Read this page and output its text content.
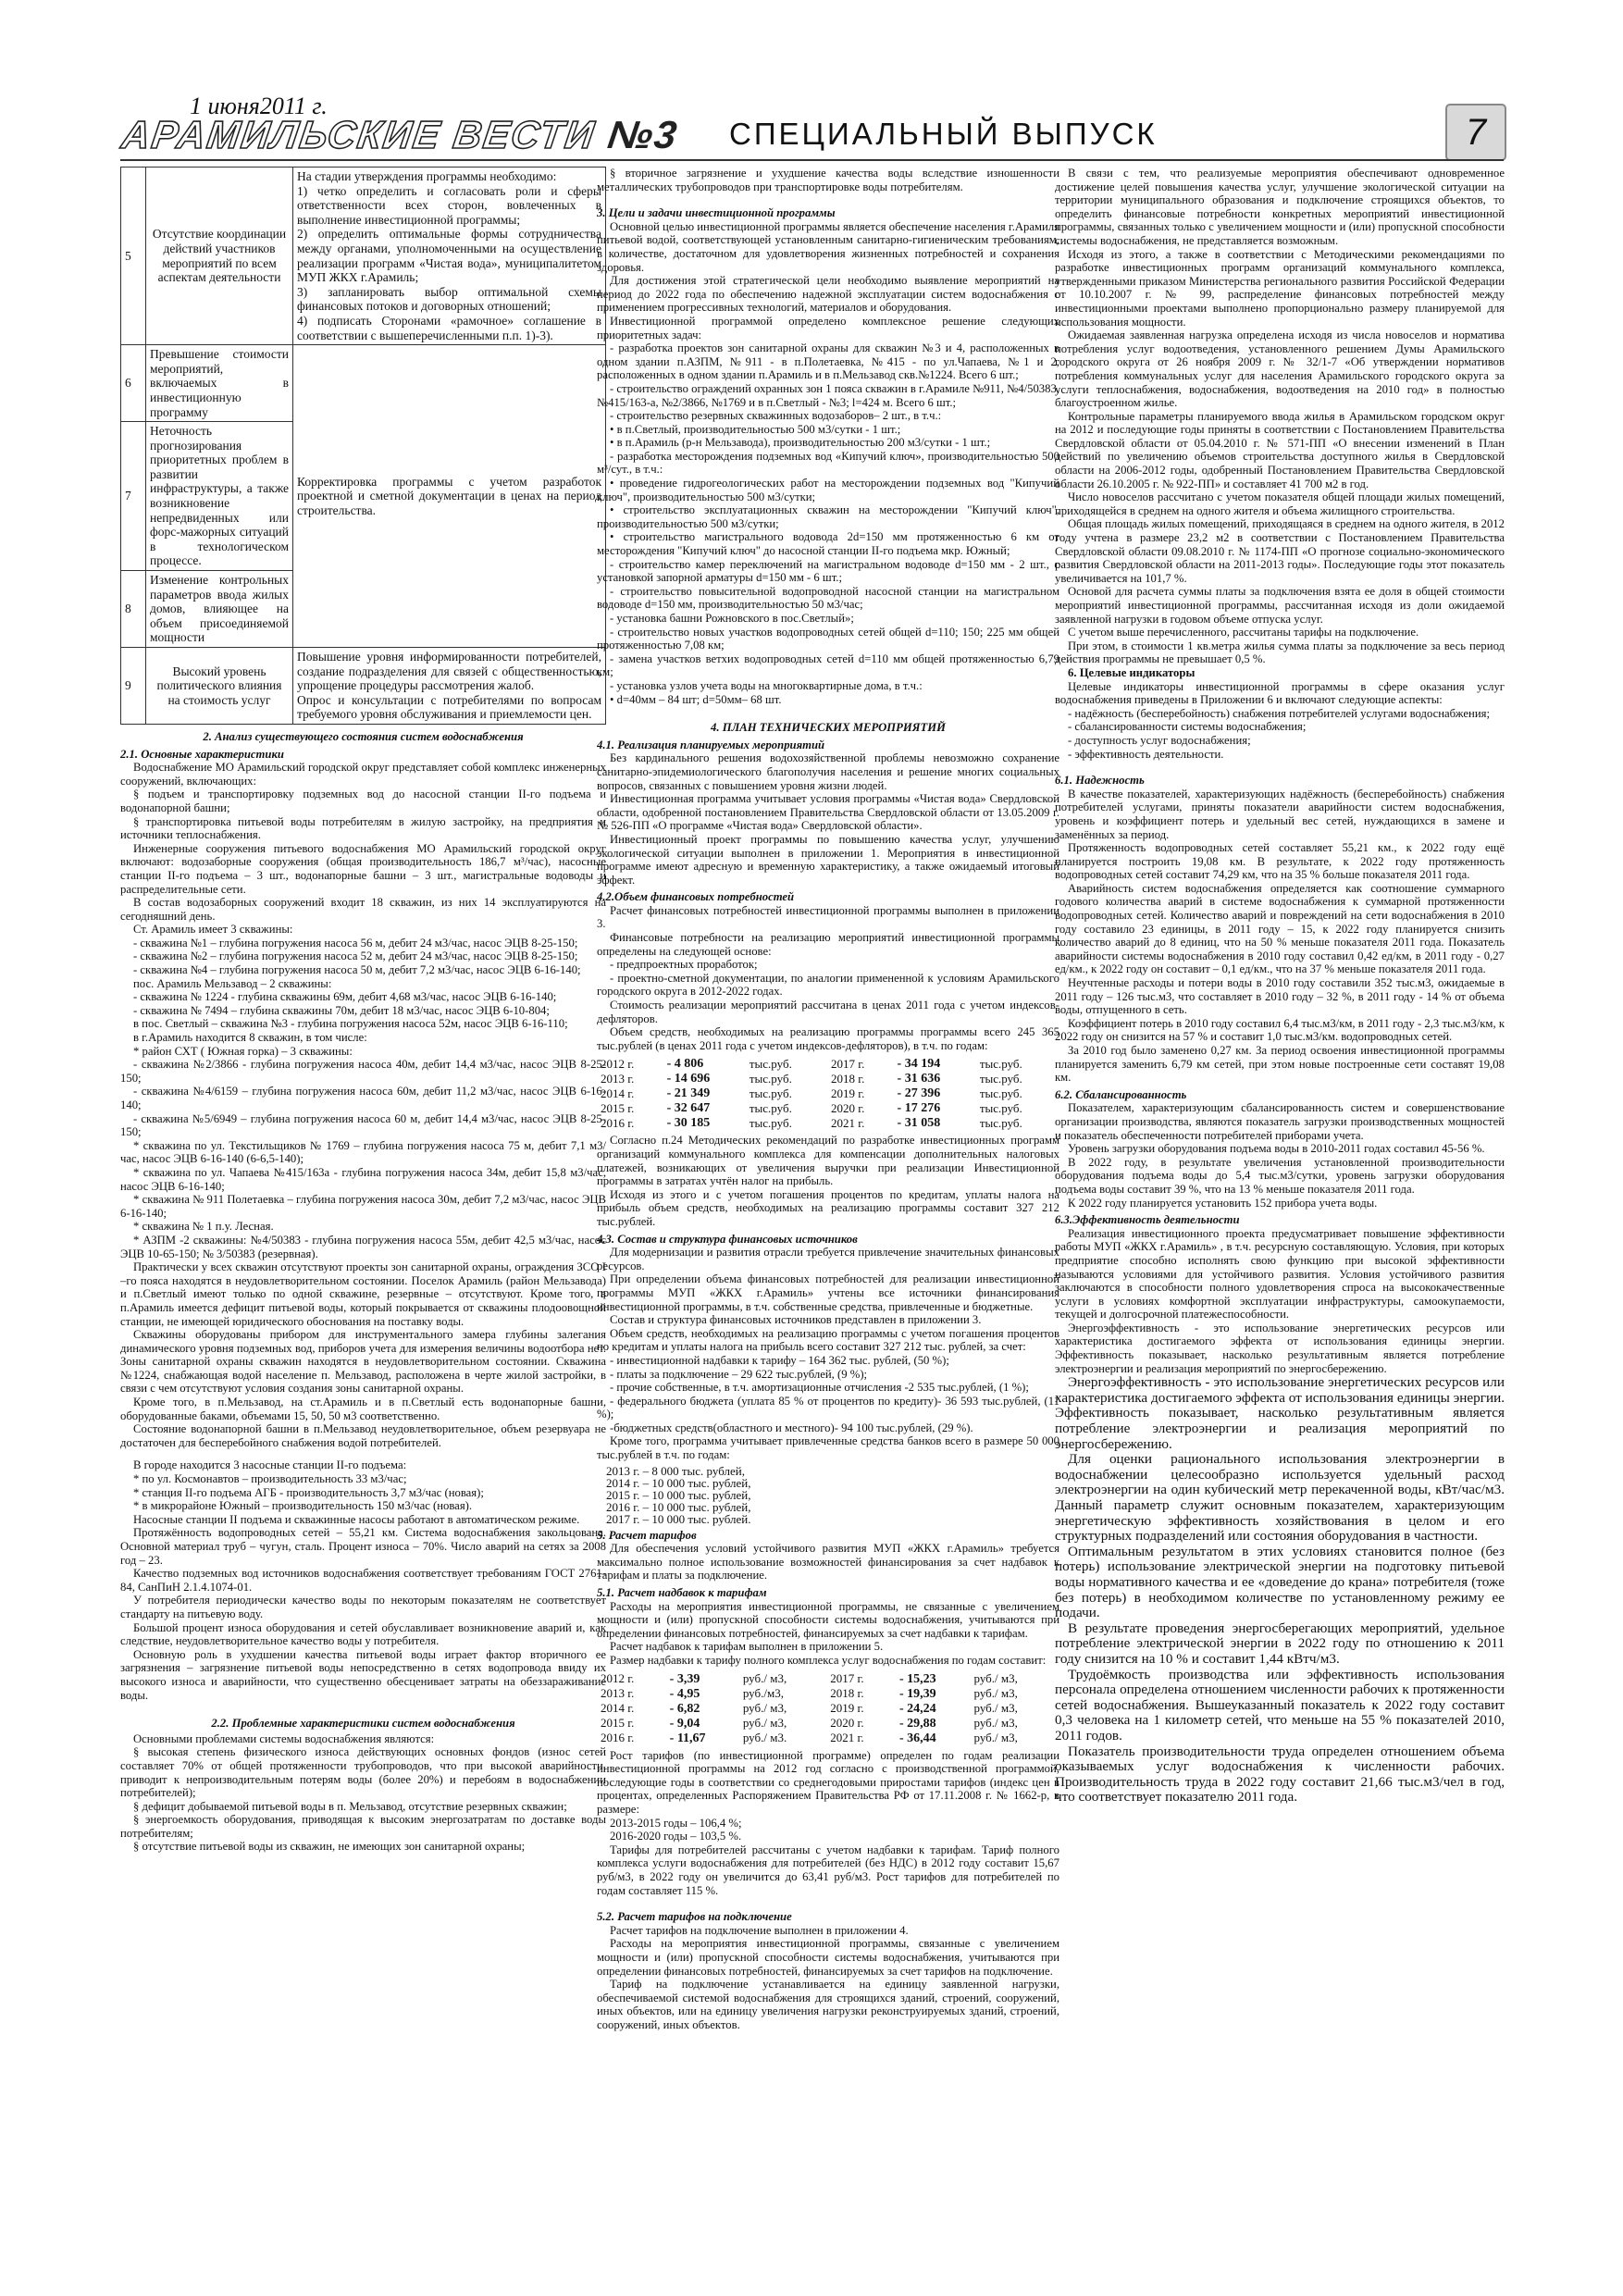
1 июня2011 г.
АРАМИЛЬСКИЕ ВЕСТИ №3 СПЕЦИАЛЬНЫЙ ВЫПУСК	7
5	Отсутствие координации действий участников мероприятий по всем аспектам деятельности	На стадии утверждения программы необходимо:
1) четко определить и согласовать роли и сферы ответственности всех сторон, вовлеченных в выполнение инвестиционной программы;
2) определить оптимальные формы сотрудничества между органами, уполномоченными на осуществление реализации программ «Чистая вода», муниципалитетом МУП ЖКХ г.Арамиль;
3) запланировать выбор оптимальной схемы финансовых потоков и договорных отношений;
4) подписать Сторонами «рамочное» соглашение в соответствии с вышеперечисленными п.п. 1)-3).
6	Превышение стоимости мероприятий, включаемых в инвестиционную программу	Корректировка программы с учетом разработок проектной и сметной документации в ценах на период строительства.
7	Неточность прогнозирования приоритетных проблем в развитии инфраструктуры, а также возникновение непредвиденных или форс-мажорных ситуаций в технологическом процессе.	
8	Изменение контрольных параметров ввода жилых домов, влияющее на объем присоединяемой мощности	
9	Высокий уровень политического влияния на стоимость услуг	Повышение уровня информированности потребителей, создание подразделения для связей с общественностью, упрощение процедуры рассмотрения жалоб.
Опрос и консультации с потребителями по вопросам требуемого уровня обслуживания и приемлемости цен.

2. Анализ существующего состояния систем водоснабжения

2.1. Основные характеристики

Водоснабжение МО Арамильский городской округ представляет собой комплекс инженерных сооружений, включающих:

§ подъем и транспортировку подземных вод до насосной станции II-го подъема и водонапорной башни;

§ транспортировка питьевой воды потребителям в жилую застройку, на предприятия и источники теплоснабжения.

Инженерные сооружения питьевого водоснабжения МО Арамильский городской округ включают: водозаборные сооружения (общая производительность 186,7 м³/час), насосные станции II-го подъема – 3 шт., водонапорные башни – 3 шт., магистральные водоводы и распределительные сети.

В состав водозаборных сооружений входит 18 скважин, из них 14 эксплуатируются на сегодняшний день.

Ст. Арамиль имеет 3 скважины:

- скважина №1 – глубина погружения насоса 56 м, дебит 24 м3/час, насос ЭЦВ 8-25-150;

- скважина №2 – глубина погружения насоса 52 м, дебит 24 м3/час, насос ЭЦВ 8-25-150;

- скважина №4 – глубина погружения насоса 50 м, дебит 7,2 м3/час, насос ЭЦВ 6-16-140;

пос. Арамиль Мельзавод – 2 скважины:

- скважина № 1224 - глубина скважины 69м, дебит 4,68 м3/час, насос ЭЦВ 6-16-140;

- скважина № 7494 – глубина скважины 70м, дебит 18 м3/час, насос ЭЦВ 6-10-804;

в пос. Светлый – скважина №3 - глубина погружения насоса 52м, насос ЭЦВ 6-16-110;

в г.Арамиль находится 8 скважин, в том числе:

* район СХТ ( Южная горка) – 3 скважины:

- скважина №2/3866 - глубина погружения насоса 40м, дебит 14,4 м3/час, насос ЭЦВ 8-25-150;

- скважина №4/6159 – глубина погружения насоса 60м, дебит 11,2 м3/час, насос ЭЦВ 6-16-140;

- скважина №5/6949 – глубина погружения насоса 60 м, дебит 14,4 м3/час, насос ЭЦВ 8-25-150;

* скважина по ул. Текстильщиков № 1769 – глубина погружения насоса 75 м, дебит 7,1 м3/час, насос ЭЦВ 6-16-140 (6-6,5-140);

* скважина по ул. Чапаева №415/163а - глубина погружения насоса 34м, дебит 15,8 м3/час, насос ЭЦВ 6-16-140;

* скважина № 911 Полетаевка – глубина погружения насоса 30м, дебит 7,2 м3/час, насос ЭЦВ 6-16-140;

* скважина № 1 п.у. Лесная.

* АЗПМ -2 скважины: №4/50383 - глубина погружения насоса 55м, дебит 42,5 м3/час, насос ЭЦВ 10-65-150; № 3/50383 (резервная).

Практически у всех скважин отсутствуют проекты зон санитарной охраны, ограждения ЗСО I –го пояса находятся в неудовлетворительном состоянии. Поселок Арамиль (район Мельзавода) и п.Светлый имеют только по одной скважине, резервные – отсутствуют. Кроме того, в п.Арамиль имеется дефицит питьевой воды, который покрывается от скважины плодоовощной станции, не имеющей юридического обоснования на поставку воды.

Скважины оборудованы прибором для инструментального замера глубины залегания динамического уровня подземных вод, приборов учета для измерения величины водоотбора нет. Зоны санитарной охраны скважин находятся в неудовлетворительном состоянии. Скважина №1224, снабжающая водой население п. Мельзавод, расположена в черте жилой застройки, в связи с чем отсутствуют условия создания зоны санитарной охраны.

Кроме того, в п.Мельзавод, на ст.Арамиль и в п.Светлый есть водонапорные башни, оборудованные баками, объемами 15, 50, 50 м3 соответственно.

Состояние водонапорной башни в п.Мельзавод неудовлетворительное, объем резервуара не достаточен для бесперебойного снабжения водой потребителей.

В городе находится 3 насосные станции II-го подъема:

* по ул. Космонавтов – производительность 33 м3/час;

* станция II-го подъема АГБ - производительность 3,7 м3/час (новая);

* в микрорайоне Южный – производительность 150 м3/час (новая).

Насосные станции II подъема и скважинные насосы работают в автоматическом режиме.

Протяжённость водопроводных сетей – 55,21 км. Система водоснабжения закольцована. Основной материал труб – чугун, сталь. Процент износа – 70%. Число аварий на сетях за 2008 год – 23.

Качество подземных вод источников водоснабжения соответствует требованиям ГОСТ 2761-84, СанПиН 2.1.4.1074-01.

У потребителя периодически качество воды по некоторым показателям не соответствует стандарту на питьевую воду.

Большой процент износа оборудования и сетей обуславливает возникновение аварий и, как следствие, неудовлетворительное качество воды у потребителя.

Основную роль в ухудшении качества питьевой воды играет фактор вторичного ее загрязнения – загрязнение питьевой воды непосредственно в сетях водопровода ввиду их высокого износа и аварийности, что существенно обесценивает затраты на обеззараживание воды.

2.2. Проблемные характеристики систем водоснабжения

Основными проблемами системы водоснабжения являются:

§ высокая степень физического износа действующих основных фондов (износ сетей составляет 70% от общей протяженности трубопроводов, что при высокой аварийности, приводит к непроизводительным потерям воды (более 20%) и перебоям в водоснабжении потребителей);

§ дефицит добываемой питьевой воды в п. Мельзавод, отсутствие резервных скважин;

§ энергоемкость оборудования, приводящая к высоким энергозатратам по доставке воды потребителям;

§ отсутствие питьевой воды из скважин, не имеющих зон санитарной охраны;

§ вторичное загрязнение и ухудшение качества воды вследствие изношенности металлических трубопроводов при транспортировке воды потребителям.

3. Цели и задачи инвестиционной программы

Основной целью инвестиционной программы является обеспечение населения г.Арамиля питьевой водой, соответствующей установленным санитарно-гигиеническим требованиям, в количестве, достаточном для удовлетворения жизненных потребностей и сохранения здоровья.

Для достижения этой стратегической цели необходимо выявление мероприятий на период до 2022 года по обеспечению надежной эксплуатации систем водоснабжения с применением прогрессивных технологий, материалов и оборудования.

Инвестиционной программой определено комплексное решение следующих приоритетных задач:

- разработка проектов зон санитарной охраны для скважин №3 и 4, расположенных в одном здании п.АЗПМ, №911 - в п.Полетаевка, №415 - по ул.Чапаева, №1 и 2, расположенных в одном здании п.Арамиль и в п.Мельзавод скв.№1224. Всего 6 шт.;

- строительство ограждений охранных зон 1 пояса скважин в г.Арамиле №911, №4/50383, №415/163-а, №2/3866, №1769 и в п.Светлый - №3; l=424 м. Всего 6 шт.;

- строительство резервных скважинных водозаборов– 2 шт., в т.ч.:

• в п.Светлый, производительностью 500 м3/сутки - 1 шт.;

• в п.Арамиль (р-н Мельзавода), производительностью 200 м3/сутки - 1 шт.;

- разработка месторождения подземных вод «Кипучий ключ», производительностью 500 м³/сут., в т.ч.:

• проведение гидрогеологических работ на месторождении подземных вод "Кипучий ключ", производительностью 500 м3/сутки;

• строительство эксплуатационных скважин на месторождении "Кипучий ключ", производительностью 500 м3/сутки;

• строительство магистрального водовода 2d=150 мм протяженностью 6 км от месторождения "Кипучий ключ" до насосной станции II-го подъема мкр. Южный;

- строительство камер переключений на магистральном водоводе d=150 мм - 2 шт., с установкой запорной арматуры d=150 мм - 6 шт.;

- строительство повысительной водопроводной насосной станции на магистральном водоводе d=150 мм, производительностью 50 м3/час;

- установка башни Рожновского в пос.Светлый»;

- строительство новых участков водопроводных сетей общей d=110; 150; 225 мм общей протяженностью 7,08 км;

- замена участков ветхих водопроводных сетей d=110 мм общей протяженностью 6,79 км;

- установка узлов учета воды на многоквартирные дома, в т.ч.:

• d=40мм – 84 шт; d=50мм– 68 шт.

4. ПЛАН ТЕХНИЧЕСКИХ МЕРОПРИЯТИЙ

4.1. Реализация планируемых мероприятий

Без кардинального решения водохозяйственной проблемы невозможно сохранение санитарно-эпидемиологического благополучия населения и решение многих социальных вопросов, связанных с повышением уровня жизни людей.

Инвестиционная программа учитывает условия программы «Чистая вода» Свердловской области, одобренной постановлением Правительства Свердловской области от 13.05.2009 г. № 526-ПП «О программе «Чистая вода» Свердловской области».

Инвестиционный проект программы по повышению качества услуг, улучшению экологической ситуации выполнен в приложении 1. Мероприятия в инвестиционной программе имеют адресную и временную характеристику, а также ожидаемый итоговый эффект.

4.2.Объем финансовых потребностей

Расчет финансовых потребностей инвестиционной программы выполнен в приложении 3.

Финансовые потребности на реализацию мероприятий инвестиционной программы определены на следующей основе:

- предпроектных проработок;

- проектно-сметной документации, по аналогии примененной к условиям Арамильского городского округа в 2012-2022 годах.

Стоимость реализации мероприятий рассчитана в ценах 2011 года с учетом индексов-дефляторов.

Объем средств, необходимых на реализацию программы программы всего 245 365 тыс.рублей (в ценах 2011 года с учетом индексов-дефляторов), в т.ч. по годам:

2012 г.	- 4 806	тыс.руб.	2017 г.	- 34 194	тыс.руб.
2013 г.	- 14 696	тыс.руб.	2018 г.	- 31 636	тыс.руб.
2014 г.	- 21 349	тыс.руб.	2019 г.	- 27 396	тыс.руб.
2015 г.	- 32 647	тыс.руб.	2020 г.	- 17 276	тыс.руб.
2016 г.	- 30 185	тыс.руб.	2021 г.	- 31 058	тыс.руб.

Согласно п.24 Методических рекомендаций по разработке инвестиционных программ организаций коммунального комплекса для компенсации дополнительных налоговых платежей, возникающих от увеличения выручки при реализации Инвестиционной программы в затратах учтён налог на прибыль.

Исходя из этого и с учетом погашения процентов по кредитам, уплаты налога на прибыль объем средств, необходимых на реализацию программы составит 327 212 тыс.рублей.

4.3. Состав и структура финансовых источников

Для модернизации и развития отрасли требуется привлечение значительных финансовых ресурсов.

При определении объема финансовых потребностей для реализации инвестиционной программы МУП «ЖКХ г.Арамиль» учтены все источники финансирования инвестиционной программы, в т.ч. собственные средства, привлеченные и бюджетные.

Состав и структура финансовых источников представлен в приложении 3.

Объем средств, необходимых на реализацию программы с учетом погашения процентов по кредитам и уплаты налога на прибыль всего составит 327 212 тыс. рублей, за счет:

- инвестиционной надбавки к тарифу – 164 362 тыс. рублей, (50 %);

- платы за подключение – 29 622 тыс.рублей, (9 %);

- прочие собственные, в т.ч. амортизационные отчисления -2 535 тыс.рублей, (1 %);

- федерального бюджета (уплата 85 % от процентов по кредиту)- 36 593 тыс.рублей, (11 %);

-бюджетных средств(областного и местного)- 94 100 тыс.рублей, (29 %).

Кроме того, программа учитывает привлеченные средства банков всего в размере 50 000 тыс.рублей в т.ч. по годам:

2013 г. – 8 000 тыс. рублей,
2014 г. – 10 000 тыс. рублей,
2015 г. – 10 000 тыс. рублей,
2016 г. – 10 000 тыс. рублей,
2017 г. – 10 000 тыс. рублей.

5. Расчет тарифов

Для обеспечения условий устойчивого развития МУП «ЖКХ г.Арамиль» требуется максимально полное использование возможностей финансирования за счет надбавок к тарифам и платы за подключение.

5.1. Расчет надбавок к тарифам

Расходы на мероприятия инвестиционной программы, не связанные с увеличением мощности и (или) пропускной способности системы водоснабжения, учитываются при определении финансовых потребностей, финансируемых за счет надбавки к тарифам.

Расчет надбавок к тарифам выполнен в приложении 5.

Размер надбавки к тарифу полного комплекса услуг водоснабжения по годам составит:

2012 г.	- 3,39	руб./ м3,	2017 г.	- 15,23	руб./ м3,
2013 г.	- 4,95	руб./м3,	2018 г.	- 19,39	руб./ м3,
2014 г.	- 6,82	руб./ м3,	2019 г.	- 24,24	руб./ м3,
2015 г.	- 9,04	руб./ м3,	2020 г.	- 29,88	руб./ м3,
2016 г.	- 11,67	руб./ м3.	2021 г.	- 36,44	руб./ м3,

Рост тарифов (по инвестиционной программе) определен по годам реализации инвестиционной программы на 2012 год согласно с производственной программой, последующие годы в соответствии со среднегодовыми приростами тарифов (индекс цен в процентах, определенных Распоряжением Правительства РФ от 17.11.2008 г. № 1662-р, в размере:

2013-2015 годы – 106,4 %;

2016-2020 годы – 103,5 %.

Тарифы для потребителей рассчитаны с учетом надбавки к тарифам. Тариф полного комплекса услуги водоснабжения для потребителей (без НДС) в 2012 году составит 15,67 руб/м3, в 2022 году он увеличится до 63,41 руб/м3. Рост тарифов для потребителей по годам составляет 115 %.

5.2. Расчет тарифов на подключение

Расчет тарифов на подключение выполнен в приложении 4.

Расходы на мероприятия инвестиционной программы, связанные с увеличением мощности и (или) пропускной способности системы водоснабжения, учитываются при определении финансовых потребностей, финансируемых за счет тарифов на подключение.

Тариф на подключение устанавливается на единицу заявленной нагрузки, обеспечиваемой системой водоснабжения для строящихся зданий, строений, сооружений, иных объектов, или на единицу увеличения нагрузки реконструируемых зданий, строений, сооружений, иных объектов.

В связи с тем, что реализуемые мероприятия обеспечивают одновременное достижение целей повышения качества услуг, улучшение экологической ситуации на территории муниципального образования и подключение строящихся объектов, то определить финансовые потребности конкретных мероприятий инвестиционной программы, связанных только с увеличением мощности и (или) пропускной способности системы водоснабжения, не представляется возможным.

Исходя из этого, а также в соответствии с Методическими рекомендациями по разработке инвестиционных программ организаций коммунального комплекса, утвержденными приказом Министерства регионального развития Российской Федерации от 10.10.2007 г. № 99, распределение финансовых потребностей между инвестиционными проектами выполнено пропорционально размеру планируемой для использования мощности.

Ожидаемая заявленная нагрузка определена исходя из числа новоселов и норматива потребления услуг водоотведения, установленного решением Думы Арамильского городского округа от 26 ноября 2009 г. № 32/1-7 «Об утверждении нормативов потребления коммунальных услуг для населения Арамильского городского округа за услуги теплоснабжения, водоснабжения, водоотведения на 2010 год» в полностью благоустроенном жилье.

Контрольные параметры планируемого ввода жилья в Арамильском городском округ на 2012 и последующие годы приняты в соответствии с Постановлением Правительства Свердловской области от 05.04.2010 г. № 571-ПП «О внесении изменений в План действий по увеличению объемов строительства доступного жилья в Свердловской области на 2006-2012 годы, одобренный Постановлением Правительства Свердловской области 26.10.2005 г. № 922-ПП» и составляет 41 700 м2 в год.

Число новоселов рассчитано с учетом показателя общей площади жилых помещений, приходящейся в среднем на одного жителя и объема жилищного строительства.

Общая площадь жилых помещений, приходящаяся в среднем на одного жителя, в 2012 году учтена в размере 23,2 м2 в соответствии с Постановлением Правительства Свердловской области 09.08.2010 г. № 1174-ПП «О прогнозе социально-экономического развития Свердловской области на 2011-2013 годы». Последующие годы этот показатель увеличивается на 101,7 %.

Основой для расчета суммы платы за подключения взята ее доля в общей стоимости мероприятий инвестиционной программы, рассчитанная исходя из доли ожидаемой заявленной нагрузки в годовом объеме отпуска услуг.

С учетом выше перечисленного, рассчитаны тарифы на подключение.

При этом, в стоимости 1 кв.метра жилья сумма платы за подключение за весь период действия программы не превышает 0,5 %.

6. Целевые индикаторы

Целевые индикаторы инвестиционной программы в сфере оказания услуг водоснабжения приведены в Приложении 6 и включают следующие аспекты:

- надёжность (бесперебойность) снабжения потребителей услугами водоснабжения;

- сбалансированности системы водоснабжения;

- доступность услуг водоснабжения;

- эффективность деятельности.

6.1. Надежность

В качестве показателей, характеризующих надёжность (бесперебойность) снабжения потребителей услугами, приняты показатели аварийности систем водоснабжения, уровень и коэффициент потерь и удельный вес сетей, нуждающихся в замене и заменённых за период.

Протяженность водопроводных сетей составляет 55,21 км., к 2022 году ещё планируется построить 19,08 км. В результате, к 2022 году протяженность водопроводных сетей составит 74,29 км, что на 35 % больше показателя 2011 года.

Аварийность систем водоснабжения определяется как соотношение суммарного годового количества аварий в системе водоснабжения к суммарной протяженности водопроводных сетей. Количество аварий и повреждений на сети водоснабжения в 2010 году составило 23 единицы, в 2011 году – 15, к 2022 году планируется снизить количество аварий до 8 единиц, что на 50 % меньше показателя 2011 года. Показатель аварийности системы водоснабжения в 2010 году составил 0,42 ед/км, в 2011 году - 0,27 ед/км., к 2022 году он составит – 0,1 ед/км., что на 37 % меньше показателя 2011 года.

Неучтенные расходы и потери воды в 2010 году составили 352 тыс.м3, ожидаемые в 2011 году – 126 тыс.м3, что составляет в 2010 году – 32 %, в 2011 году - 14 % от объема воды, отпущенного в сеть.

Коэффициент потерь в 2010 году составил 6,4 тыс.м3/км, в 2011 году - 2,3 тыс.м3/км, к 2022 году он снизится на 57 % и составит 1,0 тыс.м3/км. водопроводных сетей.

За 2010 год было заменено 0,27 км. За период освоения инвестиционной программы планируется заменить 6,79 км сетей, при этом новые построенные сети составят 19,08 км.

6.2. Сбалансированность

Показателем, характеризующим сбалансированность систем и совершенствование организации производства, являются показатель загрузки производственных мощностей и показатель обеспеченности потребителей приборами учета.

Уровень загрузки оборудования подъема воды в 2010-2011 годах составил 45-56 %.

В 2022 году, в результате увеличения установленной производительности оборудования подъема воды до 5,4 тыс.м3/сутки, уровень загрузки оборудования подъема воды составит 39 %, что на 13 % меньше показателя 2011 года.

К 2022 году планируется установить 152 прибора учета воды.

6.3.Эффективность деятельности

Реализация инвестиционного проекта предусматривает повышение эффективности работы МУП «ЖКХ г.Арамиль» , в т.ч. ресурсную составляющую. Условия, при которых предприятие способно исполнять свою функцию при высокой эффективности называются условиями для устойчивого развития. Условия устойчивого развития заключаются в способности полного удовлетворения спроса на высококачественные услуги в условиях комфортной эксплуатации инфраструктуры, самоокупаемости, текущей и долгосрочной платежеспособности.

Энергоэффективность - это использование энергетических ресурсов или характеристика достигаемого эффекта от использования единицы энергии. Эффективность показывает, насколько результативным является потребление электроэнергии и реализация мероприятий по энергосбережению.

Энергоэффективность - это использование энергетических ресурсов или характеристика достигаемого эффекта от использования единицы энергии. Эффективность показывает, насколько результативным является потребление электроэнергии и реализация мероприятий по энергосбережению.

Для оценки рационального использования электроэнергии в водоснабжении целесообразно используется удельный расход электроэнергии на один кубический метр перекаченной воды, кВт/час/м3. Данный параметр служит основным показателем, характеризующим энергетическую эффективность хозяйствования в целом и его структурных подразделений или состояния оборудования в частности.

Оптимальным результатом в этих условиях становится полное (без потерь) использование электрической энергии на подготовку питьевой воды нормативного качества и ее «доведение до крана» потребителя (тоже без потерь) в необходимом количестве по установленному режиму ее подачи.

В результате проведения энергосберегающих мероприятий, удельное потребление электрической энергии в 2022 году по отношению к 2011 году снизится на 10 % и составит 1,44 кВтч/м3.

Трудоёмкость производства или эффективность использования персонала определена отношением численности рабочих к протяженности сетей водоснабжения. Вышеуказанный показатель к 2022 году составит 0,3 человека на 1 километр сетей, что меньше на 55 % показателей 2010, 2011 годов.

Показатель производительности труда определен отношением объема оказываемых услуг водоснабжения к численности рабочих. Производительность труда в 2022 году составит 21,66 тыс.м3/чел в год, что соответствует показателю 2011 года.
